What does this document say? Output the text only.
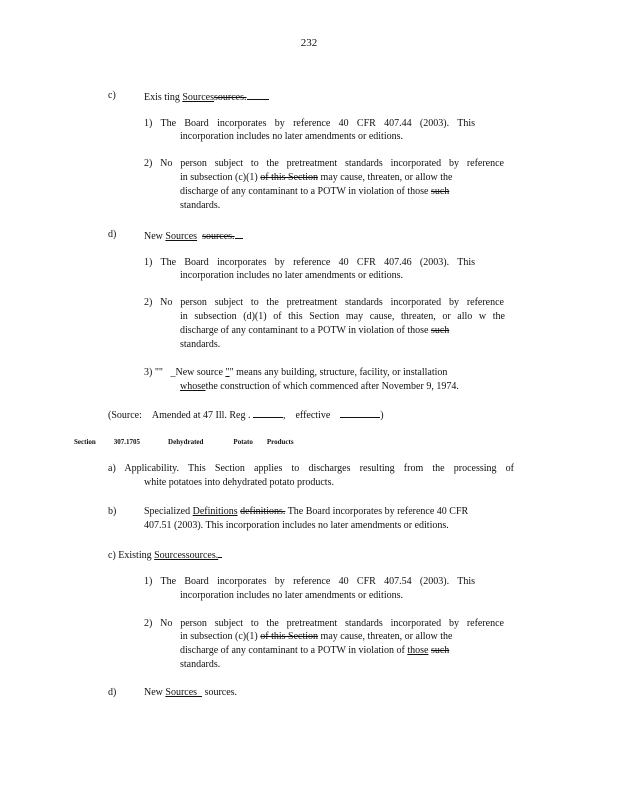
232
c)	Exis ting Sourcessources.
1) The Board incorporates by reference 40 CFR 407.44 (2003). This
incorporation includes no later amendments or editions.
2) No person subject to the pretreatment standards incorporated by reference
in subsection (c)(1) of this Section may cause, threaten, or allow the
discharge of any contaminant to a POTW in violation of those such
standards.
d)	New Sources sources.
1) The Board incorporates by reference 40 CFR 407.46 (2003). This
incorporation includes no later amendments or editions.
2) No person subject to the pretreatment standards incorporated by reference
in subsection (d)(1) of this Section may cause, threaten, or allo w the
discharge of any contaminant to a POTW in violation of those such
standards.
3) ""   _New source "" means any building, structure, facility, or installation
whosethe construction of which commenced after November 9, 1974.
(Source: Amended at 47 Ill. Reg .	,    effective	)
Section	307.1705	Dehydrated	Potato Products
a) Applicability. This Section applies to discharges resulting from the processing of
white potatoes into dehydrated potato products.
b)	Specialized Definitions definitions. The Board incorporates by reference 40 CFR
407.51 (2003). This incorporation includes no later amendments or editions.
c) Existing Sourcessources.
1) The Board incorporates by reference 40 CFR 407.54 (2003). This
incorporation includes no later amendments or editions.
2) No person subject to the pretreatment standards incorporated by reference
in subsection (c)(1) of this Section may cause, threaten, or allow the
discharge of any contaminant to a POTW in violation of those such
standards.
d)	New Sources   sources.
